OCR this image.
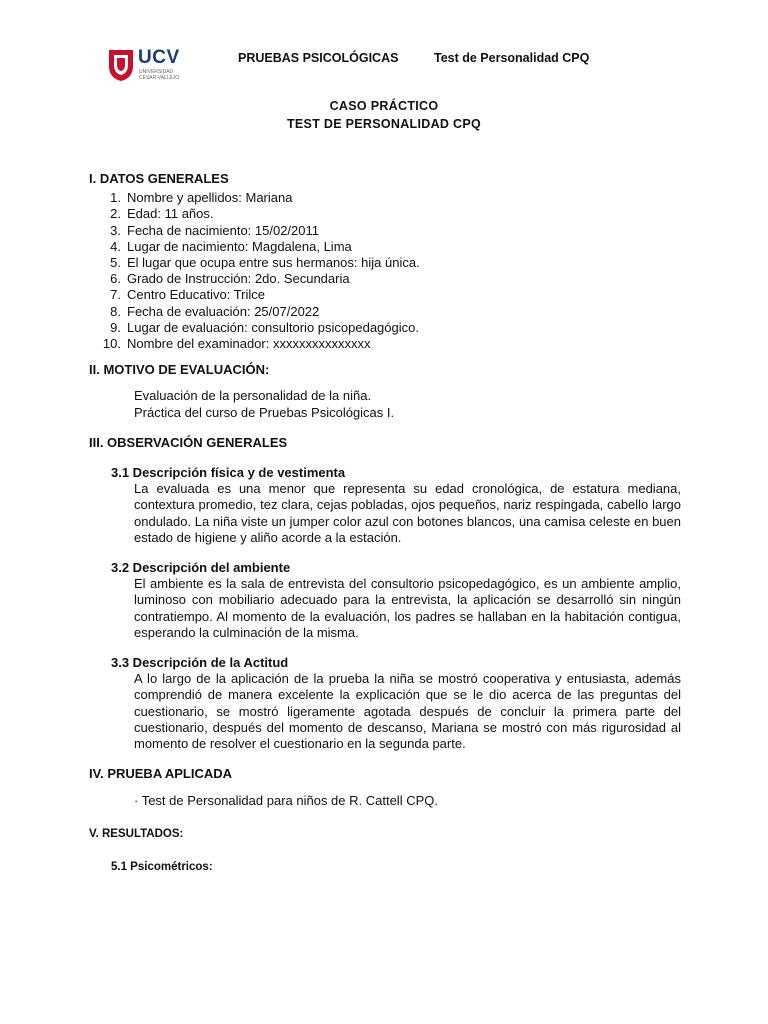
UCV
UNIVERSIDAD CÉSAR VALLEJO
PRUEBAS PSICOLÓGICAS	Test de Personalidad CPQ
CASO PRÁCTICO
TEST DE PERSONALIDAD CPQ

I. DATOS GENERALES

1. Nombre y apellidos: Mariana
2. Edad: 11 años.
3. Fecha de nacimiento: 15/02/2011
4. Lugar de nacimiento: Magdalena, Lima
5. El lugar que ocupa entre sus hermanos: hija única.
6. Grado de Instrucción: 2do. Secundaria
7. Centro Educativo: Trilce
8. Fecha de evaluación: 25/07/2022
9. Lugar de evaluación: consultorio psicopedagógico.
10. Nombre del examinador: xxxxxxxxxxxxxxx

II. MOTIVO DE EVALUACIÓN:

Evaluación de la personalidad de la niña.
Práctica del curso de Pruebas Psicológicas I.

III. OBSERVACIÓN GENERALES

3.1 Descripción física y de vestimenta

La evaluada es una menor que representa su edad cronológica, de estatura mediana, contextura promedio, tez clara, cejas pobladas, ojos pequeños, nariz respingada, cabello largo ondulado. La niña viste un jumper color azul con botones blancos, una camisa celeste en buen estado de higiene y aliño acorde a la estación.

3.2 Descripción del ambiente

El ambiente es la sala de entrevista del consultorio psicopedagógico, es un ambiente amplio, luminoso con mobiliario adecuado para la entrevista, la aplicación se desarrolló sin ningún contratiempo. Al momento de la evaluación, los padres se hallaban en la habitación contigua, esperando la culminación de la misma.

3.3 Descripción de la Actitud

A lo largo de la aplicación de la prueba la niña se mostró cooperativa y entusiasta, además comprendió de manera excelente la explicación que se le dio acerca de las preguntas del cuestionario, se mostró ligeramente agotada después de concluir la primera parte del cuestionario, después del momento de descanso, Mariana se mostró con más rigurosidad al momento de resolver el cuestionario en la segunda parte.

IV. PRUEBA APLICADA

· Test de Personalidad para niños de R. Cattell CPQ.

V. RESULTADOS:

5.1 Psicométricos:
